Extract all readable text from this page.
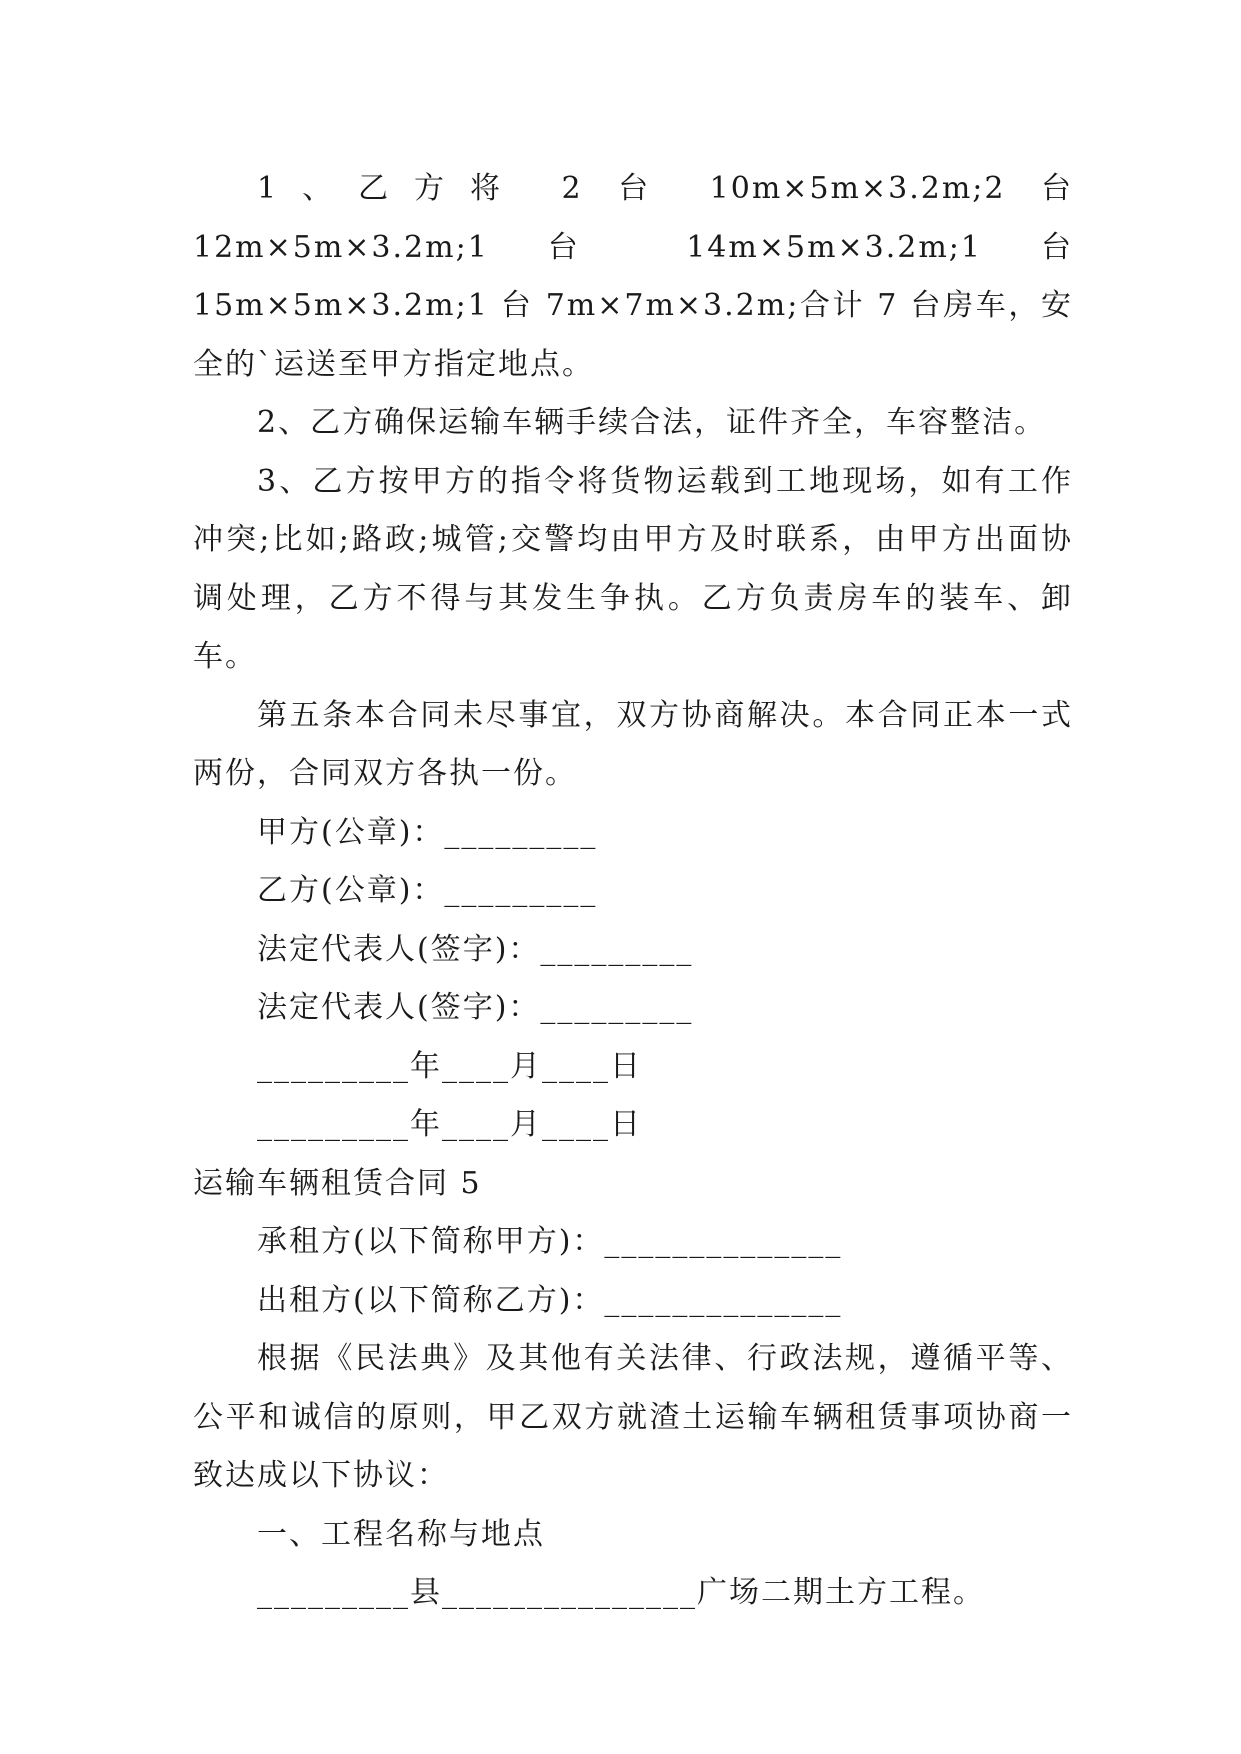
1、乙方将 2 台 10m×5m×3.2m;2 台 12m×5m×3.2m;1 台 14m×5m×3.2m;1 台 15m×5m×3.2m;1 台 7m×7m×3.2m;合计 7 台房车，安全的`运送至甲方指定地点。

2、乙方确保运输车辆手续合法，证件齐全，车容整洁。

3、乙方按甲方的指令将货物运载到工地现场，如有工作冲突;比如;路政;城管;交警均由甲方及时联系，由甲方出面协调处理，乙方不得与其发生争执。乙方负责房车的装车、卸车。

第五条本合同未尽事宜，双方协商解决。本合同正本一式两份，合同双方各执一份。

甲方(公章)：_________

乙方(公章)：_________

法定代表人(签字)：_________

法定代表人(签字)：_________

_________年____月____日

_________年____月____日

运输车辆租赁合同 5

承租方(以下简称甲方)：______________

出租方(以下简称乙方)：______________

根据《民法典》及其他有关法律、行政法规，遵循平等、公平和诚信的原则，甲乙双方就渣土运输车辆租赁事项协商一致达成以下协议：

一、工程名称与地点

_________县_______________广场二期土方工程。
